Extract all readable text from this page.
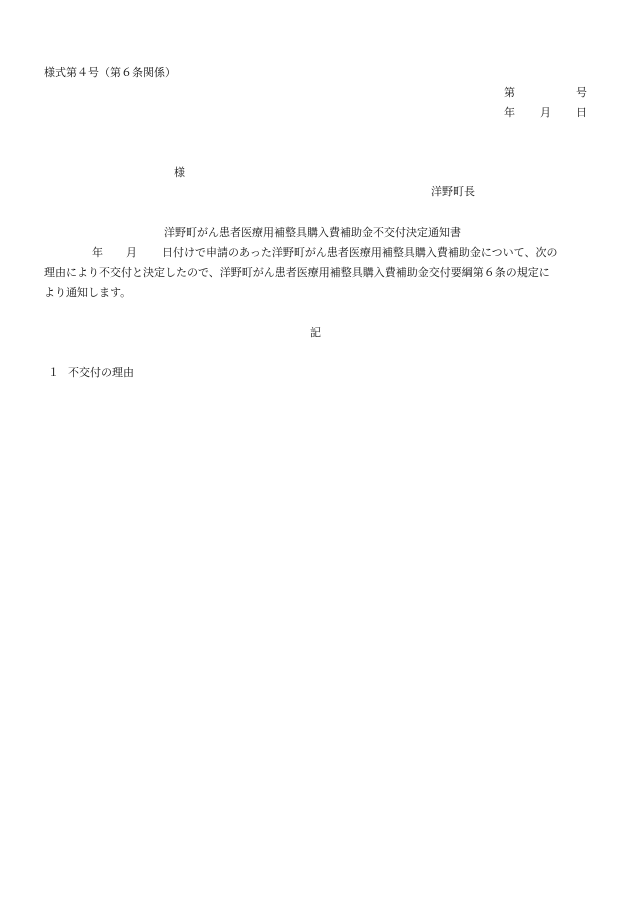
様式第４号（第６条関係）
第	号
年 月 日
様
洋野町長
洋野町がん患者医療用補整具購入費補助金不交付決定通知書
年 月 日付けで申請のあった洋野町がん患者医療用補整具購入費補助金について、次の
理由により不交付と決定したので、洋野町がん患者医療用補整具購入費補助金交付要綱第６条の規定に
より通知します。
記
１ 不交付の理由
